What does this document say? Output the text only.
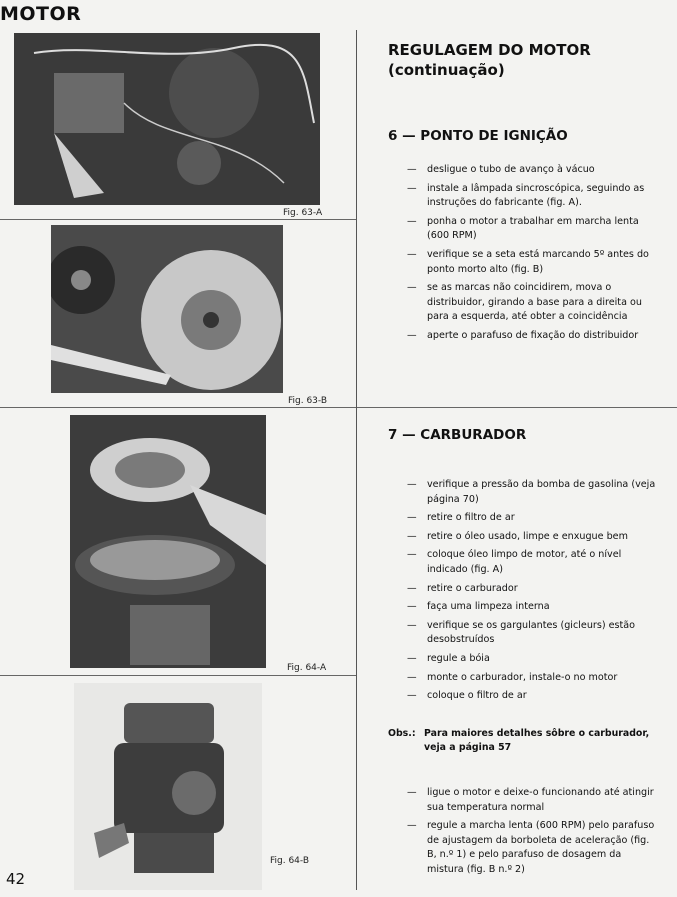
MOTOR
Fig. 63-A
Fig. 63-B
Fig. 64-A
Fig. 64-B
REGULAGEM DO MOTOR
(continuação)
6 — PONTO DE IGNIÇÃO
— desligue o tubo de avanço à vácuo
— instale a lâmpada sincroscópica, seguindo as instruções do fabricante (fig. A).
— ponha o motor a trabalhar em marcha lenta (600 RPM)
— verifique se a seta está marcando 5º antes do ponto morto alto (fig. B)
— se as marcas não coincidirem, mova o distribuidor, girando a base para a direita ou para a esquerda, até obter a coincidência
— aperte o parafuso de fixação do distribuidor
7 — CARBURADOR
— verifique a pressão da bomba de gasolina (veja página 70)
— retire o filtro de ar
— retire o óleo usado, limpe e enxugue bem
— coloque óleo limpo de motor, até o nível indicado (fig. A)
— retire o carburador
— faça uma limpeza interna
— verifique se os gargulantes (gicleurs) estão desobstruídos
— regule a bóia
— monte o carburador, instale-o no motor
— coloque o filtro de ar
Obs.: Para maiores detalhes sôbre o carburador, veja a página 57
— ligue o motor e deixe-o funcionando até atingir sua temperatura normal
— regule a marcha lenta (600 RPM) pelo parafuso de ajustagem da borboleta de aceleração (fig. B, n.º 1) e pelo parafuso de dosagem da mistura (fig. B n.º 2)
42
